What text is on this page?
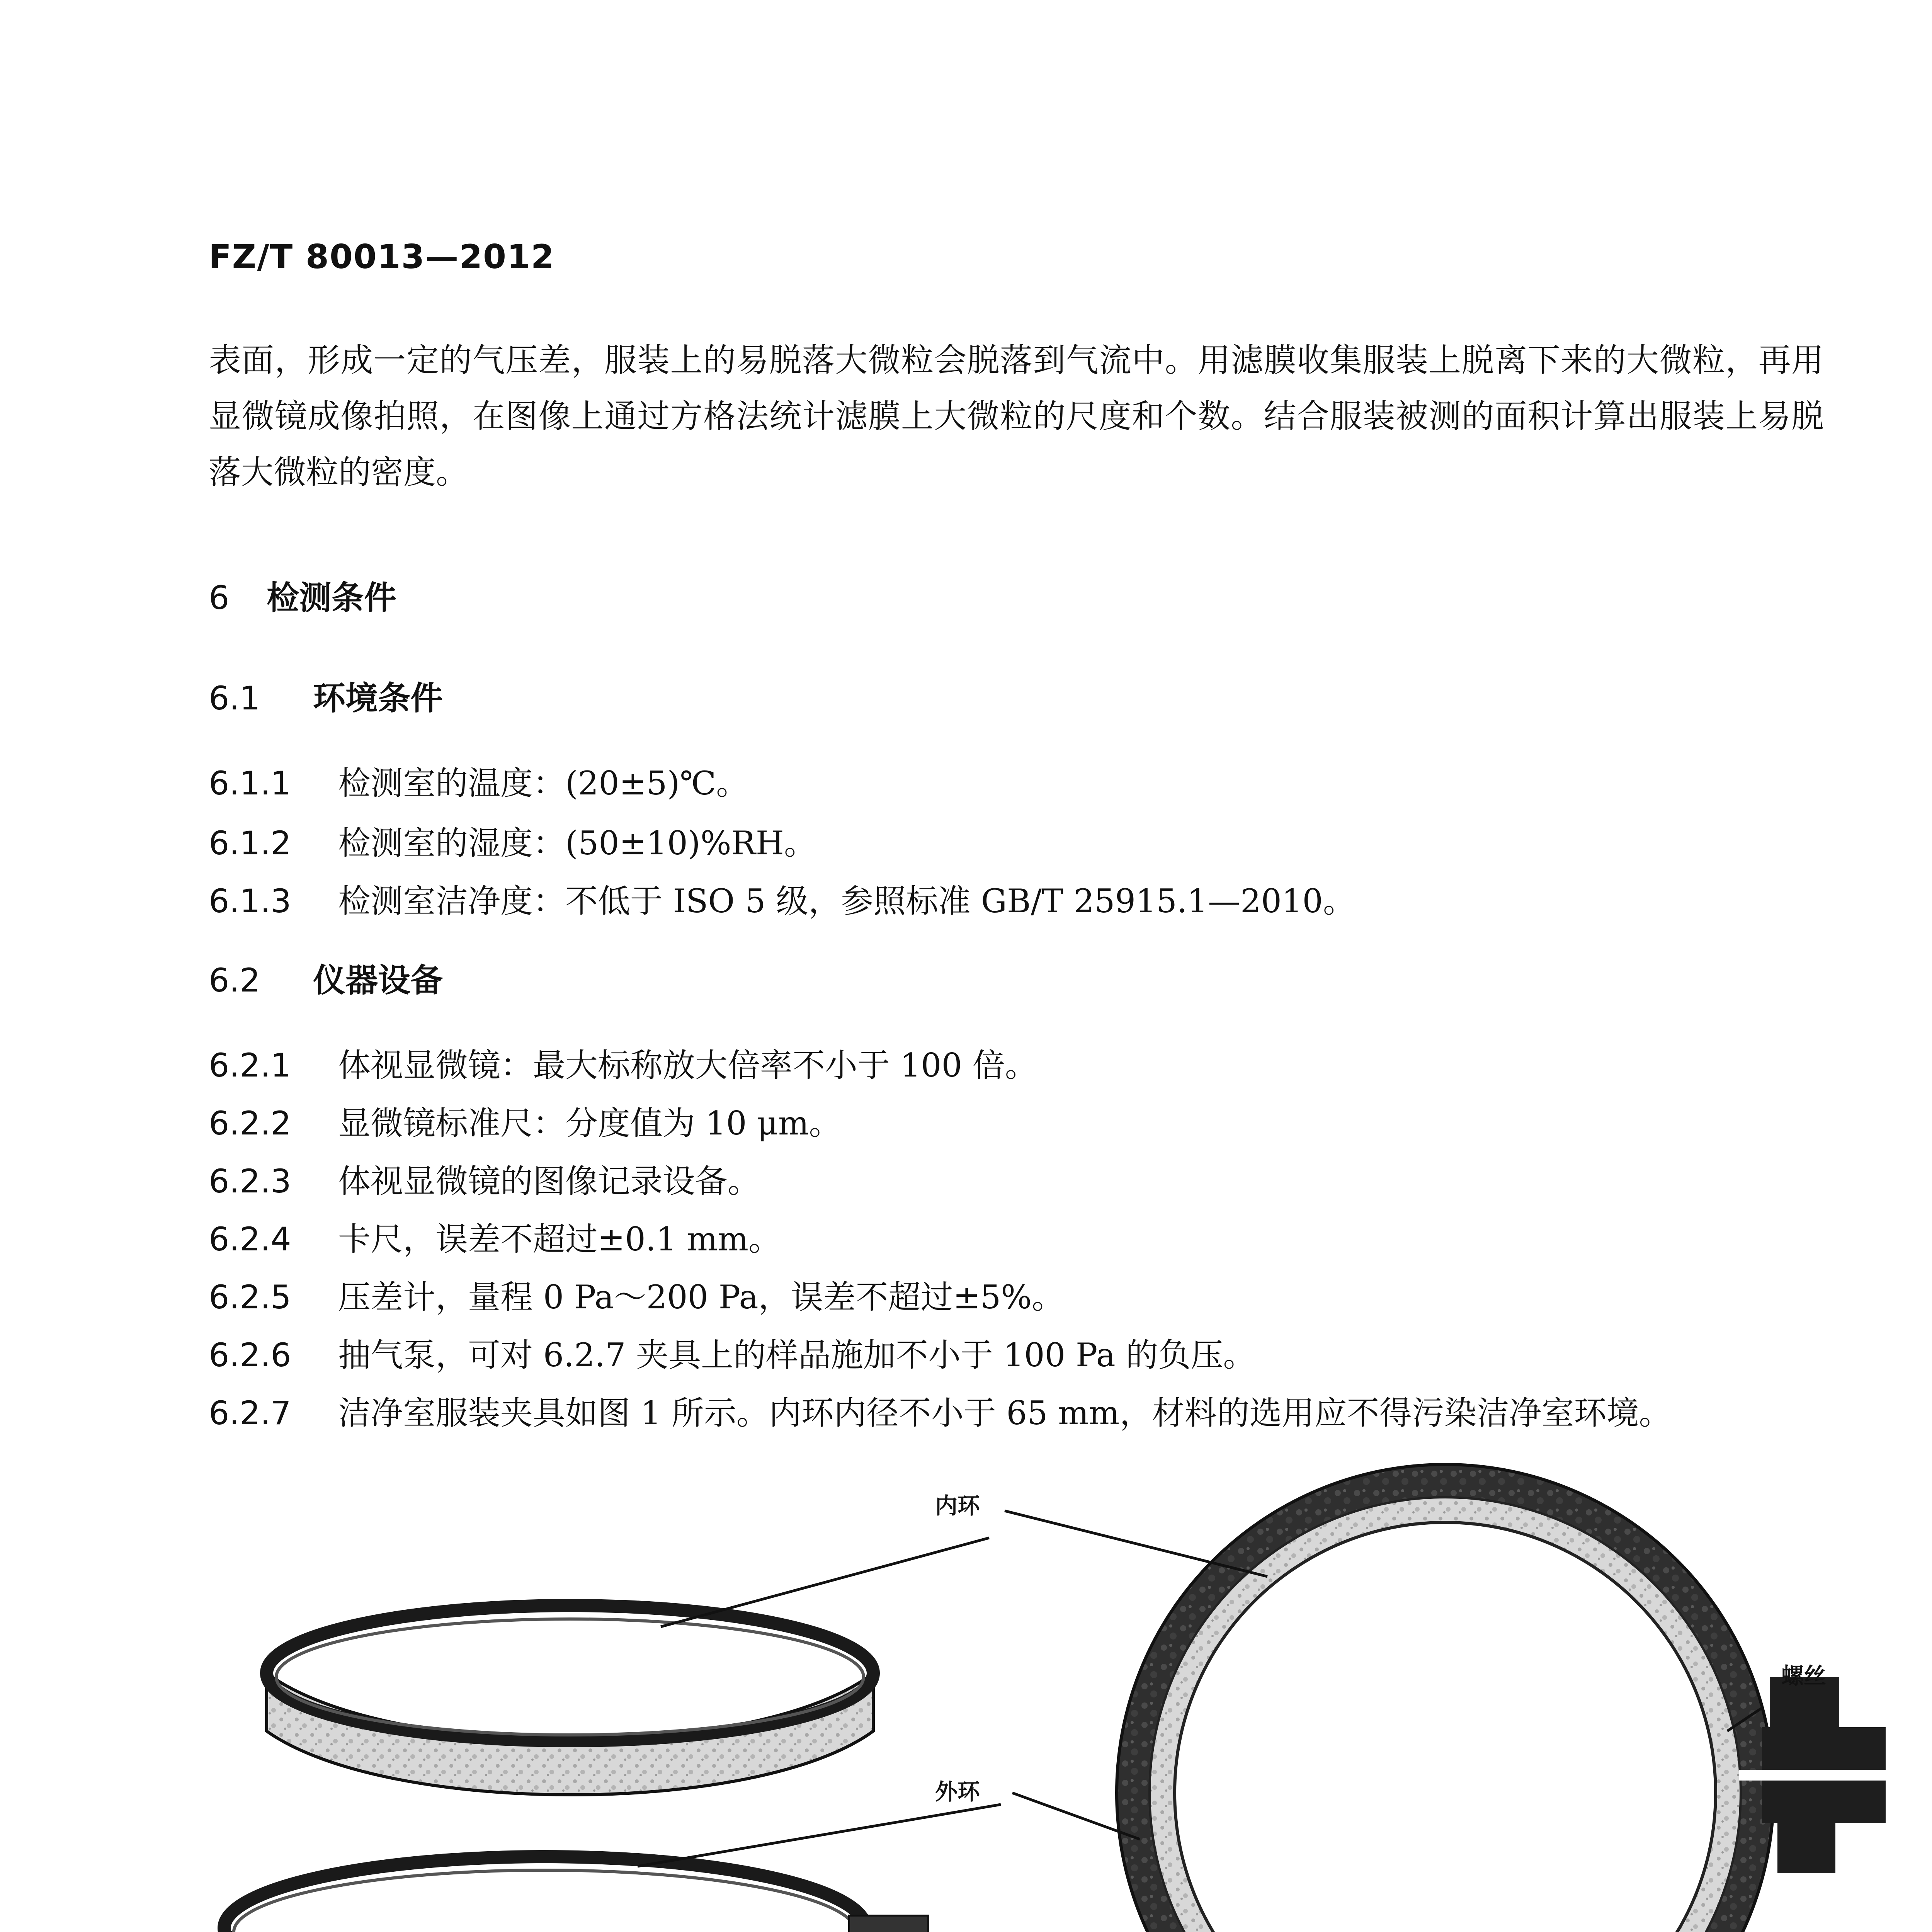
FZ/T 80013—2012

表面，形成一定的气压差，服装上的易脱落大微粒会脱落到气流中。用滤膜收集服装上脱离下来的大微粒，再用显微镜成像拍照，在图像上通过方格法统计滤膜上大微粒的尺度和个数。结合服装被测的面积计算出服装上易脱落大微粒的密度。

6 检测条件
6.1 环境条件
6.1.1 检测室的温度：(20±5)℃。
6.1.2 检测室的湿度：(50±10)%RH。
6.1.3 检测室洁净度：不低于 ISO 5 级，参照标准 GB/T 25915.1—2010。
6.2 仪器设备
6.2.1 体视显微镜：最大标称放大倍率不小于 100 倍。
6.2.2 显微镜标准尺：分度值为 10 μm。
6.2.3 体视显微镜的图像记录设备。
6.2.4 卡尺，误差不超过±0.1 mm。
6.2.5 压差计，量程 0 Pa～200 Pa，误差不超过±5%。
6.2.6 抽气泵，可对 6.2.7 夹具上的样品施加不小于 100 Pa 的负压。
6.2.7 洁净室服装夹具如图 1 所示。内环内径不小于 65 mm，材料的选用应不得污染洁净室环境。
内环
外环
螺丝
